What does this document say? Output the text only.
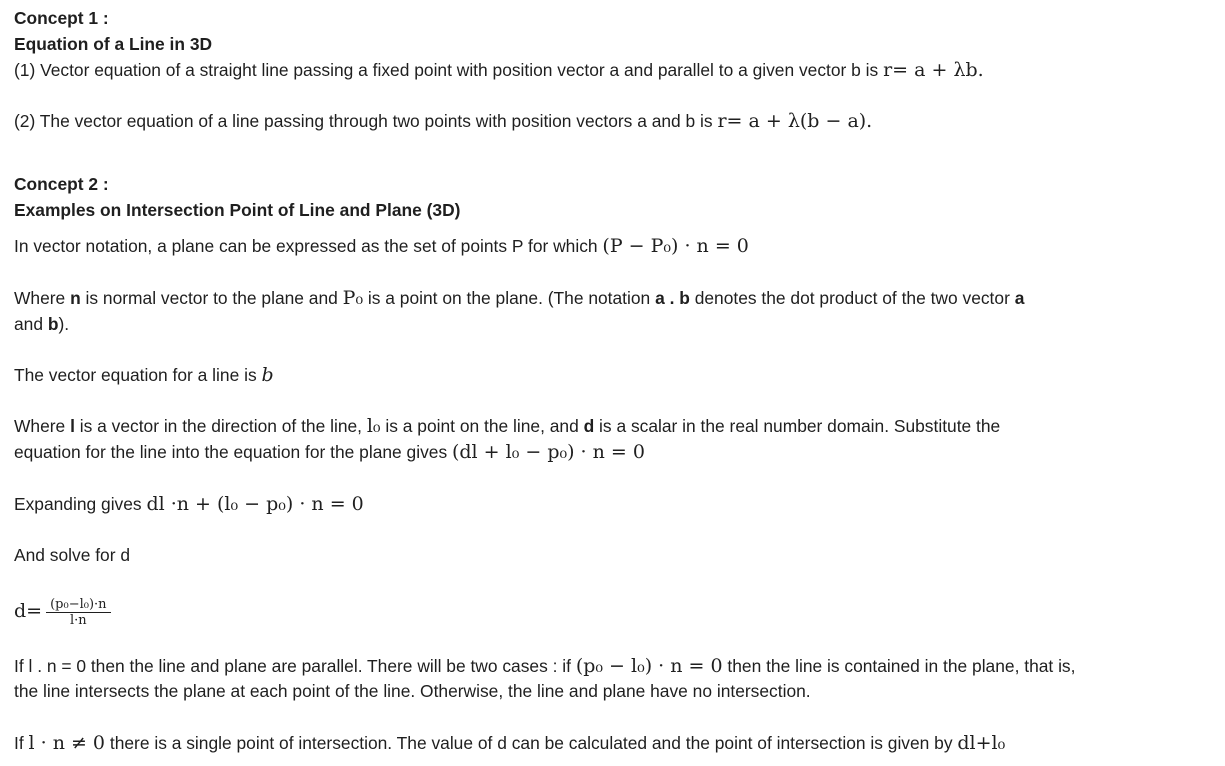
Concept 1 :
Equation of a Line in 3D
(1) Vector equation of a straight line passing a fixed point with position vector a and parallel to a given vector b is r= a + λb.
(2) The vector equation of a line passing through two points with position vectors a and b is r= a + λ(b − a).
Concept 2 :
Examples on Intersection Point of Line and Plane (3D)
In vector notation, a plane can be expressed as the set of points P for which (P − P₀) · n = 0
Where n is normal vector to the plane and P₀ is a point on the plane. (The notation a . b denotes the dot product of the two vector a
and b).
The vector equation for a line is b
Where l is a vector in the direction of the line, l₀ is a point on the line, and d is a scalar in the real number domain. Substitute the
equation for the line into the equation for the plane gives (dl + l₀ − p₀) · n = 0
Expanding gives dl ·n + (l₀ − p₀) · n = 0
And solve for d
$d= \frac{\text{(p₀−l₀)·n}}{l\cdot n}$
If l . n = 0 then the line and plane are parallel. There will be two cases : if (p₀ − l₀) · n = 0 then the line is contained in the plane, that is,
the line intersects the plane at each point of the line. Otherwise, the line and plane have no intersection.
If l · n ≠ 0 there is a single point of intersection. The value of d can be calculated and the point of intersection is given by dl+l₀
